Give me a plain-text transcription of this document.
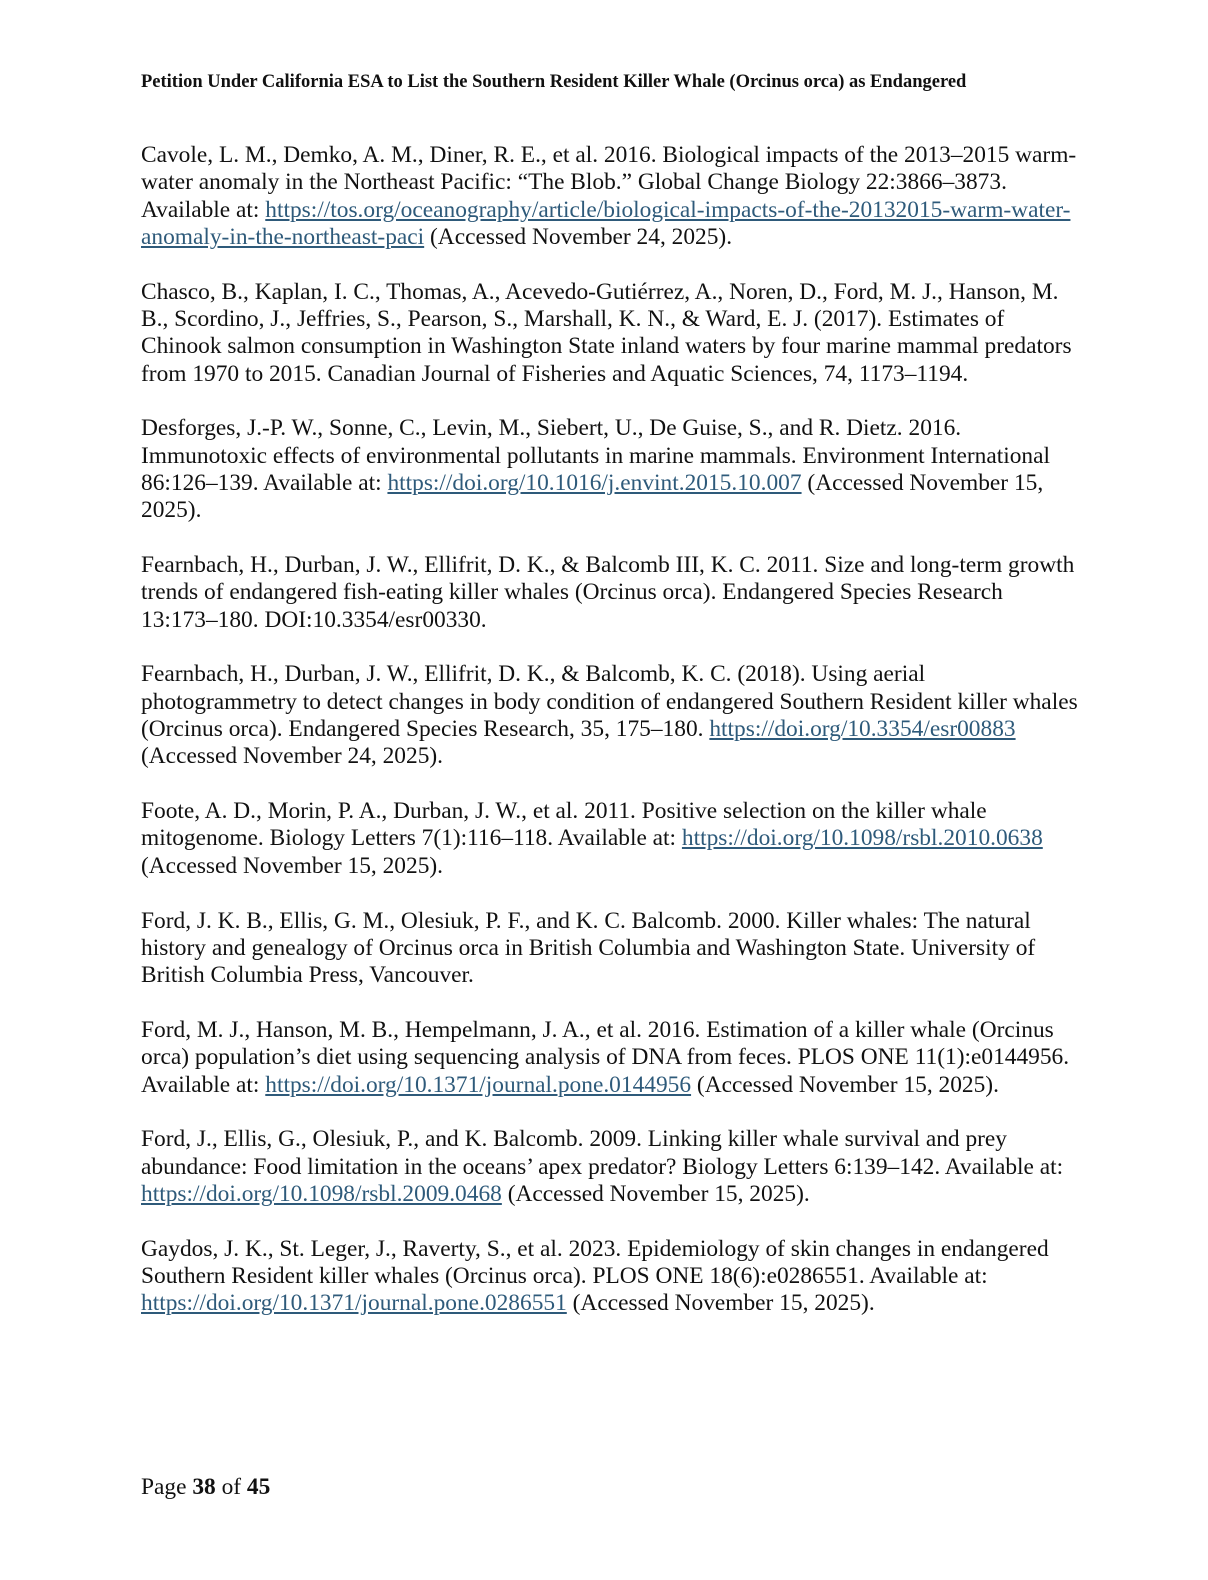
Petition Under California ESA to List the Southern Resident Killer Whale (Orcinus orca) as Endangered

Cavole, L. M., Demko, A. M., Diner, R. E., et al. 2016. Biological impacts of the 2013–2015 warm-water anomaly in the Northeast Pacific: “The Blob.” Global Change Biology 22:3866–3873. Available at: https://tos.org/oceanography/article/biological-impacts-of-the-20132015-warm-water-anomaly-in-the-northeast-paci (Accessed November 24, 2025).

Chasco, B., Kaplan, I. C., Thomas, A., Acevedo-Gutiérrez, A., Noren, D., Ford, M. J., Hanson, M. B., Scordino, J., Jeffries, S., Pearson, S., Marshall, K. N., & Ward, E. J. (2017). Estimates of Chinook salmon consumption in Washington State inland waters by four marine mammal predators from 1970 to 2015. Canadian Journal of Fisheries and Aquatic Sciences, 74, 1173–1194.

Desforges, J.-P. W., Sonne, C., Levin, M., Siebert, U., De Guise, S., and R. Dietz. 2016. Immunotoxic effects of environmental pollutants in marine mammals. Environment International 86:126–139. Available at: https://doi.org/10.1016/j.envint.2015.10.007 (Accessed November 15, 2025).

Fearnbach, H., Durban, J. W., Ellifrit, D. K., & Balcomb III, K. C. 2011. Size and long-term growth trends of endangered fish-eating killer whales (Orcinus orca). Endangered Species Research 13:173–180. DOI:10.3354/esr00330.

Fearnbach, H., Durban, J. W., Ellifrit, D. K., & Balcomb, K. C. (2018). Using aerial photogrammetry to detect changes in body condition of endangered Southern Resident killer whales (Orcinus orca). Endangered Species Research, 35, 175–180. https://doi.org/10.3354/esr00883 (Accessed November 24, 2025).

Foote, A. D., Morin, P. A., Durban, J. W., et al. 2011. Positive selection on the killer whale mitogenome. Biology Letters 7(1):116–118. Available at: https://doi.org/10.1098/rsbl.2010.0638 (Accessed November 15, 2025).

Ford, J. K. B., Ellis, G. M., Olesiuk, P. F., and K. C. Balcomb. 2000. Killer whales: The natural history and genealogy of Orcinus orca in British Columbia and Washington State. University of British Columbia Press, Vancouver.

Ford, M. J., Hanson, M. B., Hempelmann, J. A., et al. 2016. Estimation of a killer whale (Orcinus orca) population’s diet using sequencing analysis of DNA from feces. PLOS ONE 11(1):e0144956. Available at: https://doi.org/10.1371/journal.pone.0144956 (Accessed November 15, 2025).

Ford, J., Ellis, G., Olesiuk, P., and K. Balcomb. 2009. Linking killer whale survival and prey abundance: Food limitation in the oceans’ apex predator? Biology Letters 6:139–142. Available at: https://doi.org/10.1098/rsbl.2009.0468 (Accessed November 15, 2025).

Gaydos, J. K., St. Leger, J., Raverty, S., et al. 2023. Epidemiology of skin changes in endangered Southern Resident killer whales (Orcinus orca). PLOS ONE 18(6):e0286551. Available at: https://doi.org/10.1371/journal.pone.0286551 (Accessed November 15, 2025).

Page 38 of 45
